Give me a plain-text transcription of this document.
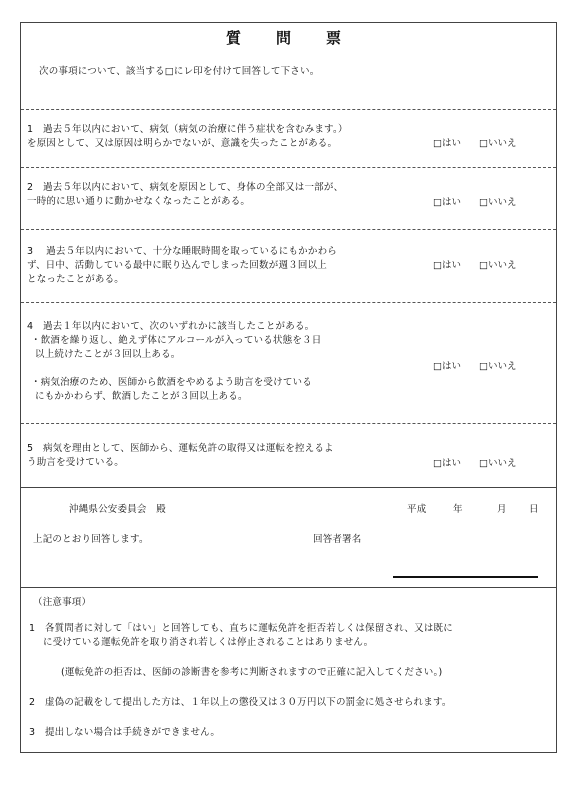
質　問　票
次の事項について、該当する□にレ印を付けて回答して下さい。
1　過去５年以内において、病気（病気の治療に伴う症状を含むみます。）
を原因として、又は原因は明らかでないが、意識を失ったことがある。	□はい □いいえ
2　過去５年以内において、病気を原因として、身体の全部又は一部が、
一時的に思い通りに動かせなくなったことがある。	□はい □いいえ
3　 過去５年以内において、十分な睡眠時間を取っているにもかかわら
ず、日中、活動している最中に眠り込んでしまった回数が週３回以上
となったことがある。
□はい □いいえ
4　過去１年以内において、次のいずれかに該当したことがある。
・飲酒を繰り返し、絶えず体にアルコールが入っている状態を３日
以上続けたことが３回以上ある。
・病気治療のため、医師から飲酒をやめるよう助言を受けている
にもかかわらず、飲酒したことが３回以上ある。
□はい □いいえ
5　病気を理由として、医師から、運転免許の取得又は運転を控えるよ
う助言を受けている。	□はい □いいえ
沖縄県公安委員会　殿	平成	年	月 日
上記のとおり回答します。	回答者署名
（注意事項）
1　各質問者に対して「はい」と回答しても、直ちに運転免許を拒否若しくは保留され、又は既に
に受けている運転免許を取り消され若しくは停止されることはありません。
(運転免許の拒否は、医師の診断書を参考に判断されますので正確に記入してください。)
2　虚偽の記載をして提出した方は、１年以上の懲役又は３０万円以下の罰金に処させられます。
3　提出しない場合は手続きができません。
